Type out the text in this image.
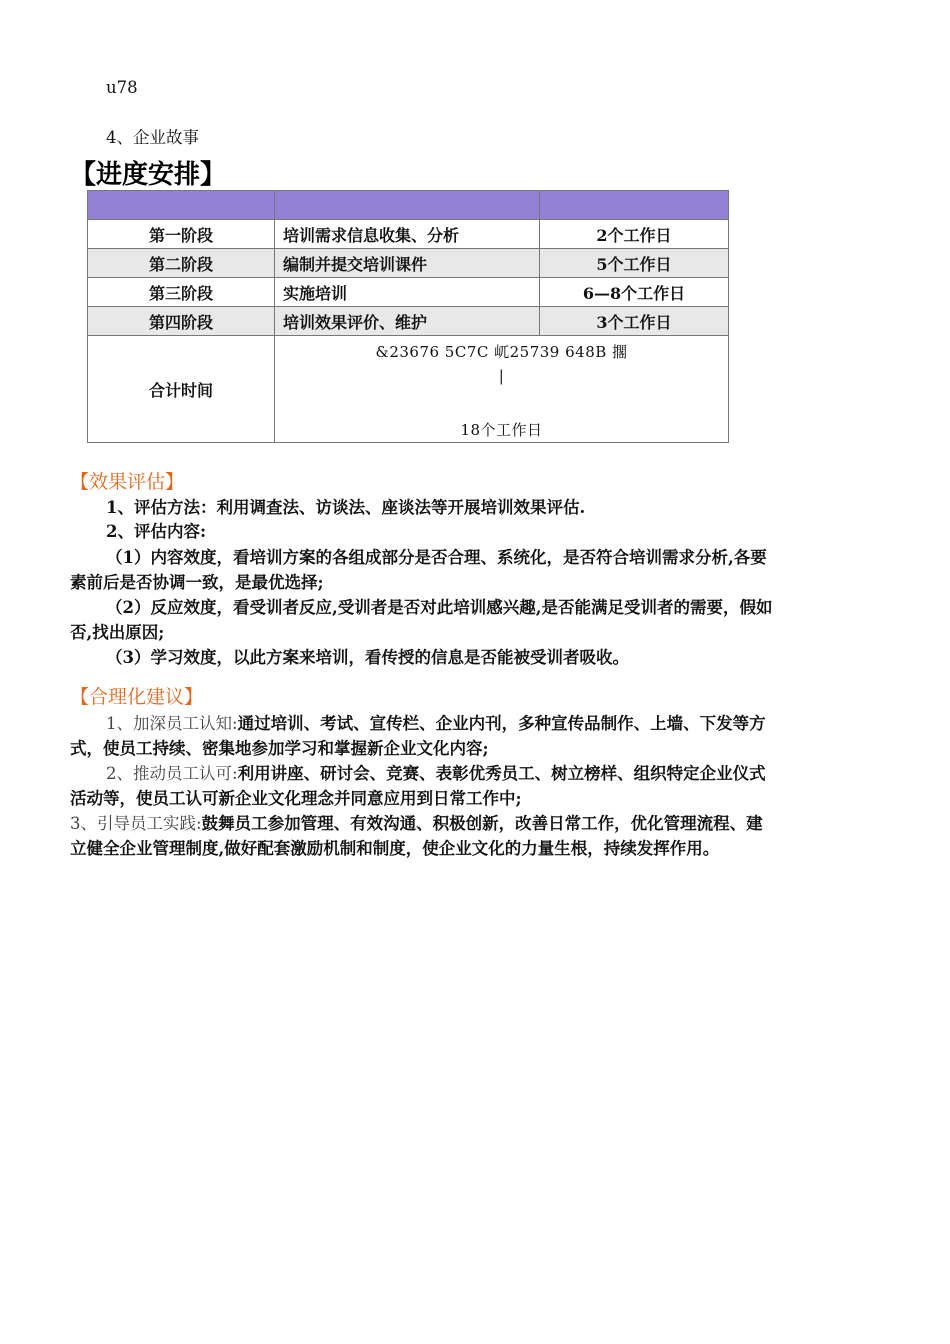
u78
4、企业故事
【进度安排】

第一阶段	培训需求信息收集、分析	2个工作日
第二阶段	编制并提交培训课件	5个工作日
第三阶段	实施培训	6—8个工作日
第四阶段	培训效果评价、维护	3个工作日
合计时间	&23676 5C7C 屼25739 648B 擱
|
18个工作日	
【效果评估】
1、评估方法：利用调查法、访谈法、座谈法等开展培训效果评估.
2、评估内容:
（1）内容效度，看培训方案的各组成部分是否合理、系统化，是否符合培训需求分析,各要
素前后是否协调一致，是最优选择;
（2）反应效度，看受训者反应,受训者是否对此培训感兴趣,是否能满足受训者的需要，假如
否,找出原因;
（3）学习效度，以此方案来培训，看传授的信息是否能被受训者吸收。
【合理化建议】
1、加深员工认知:通过培训、考试、宣传栏、企业内刊，多种宣传品制作、上墙、下发等方
式，使员工持续、密集地参加学习和掌握新企业文化内容;
2、推动员工认可:利用讲座、研讨会、竞赛、表彰优秀员工、树立榜样、组织特定企业仪式
活动等，使员工认可新企业文化理念并同意应用到日常工作中;
3、引导员工实践:鼓舞员工参加管理、有效沟通、积极创新，改善日常工作，优化管理流程、建
立健全企业管理制度,做好配套激励机制和制度，使企业文化的力量生根，持续发挥作用。
